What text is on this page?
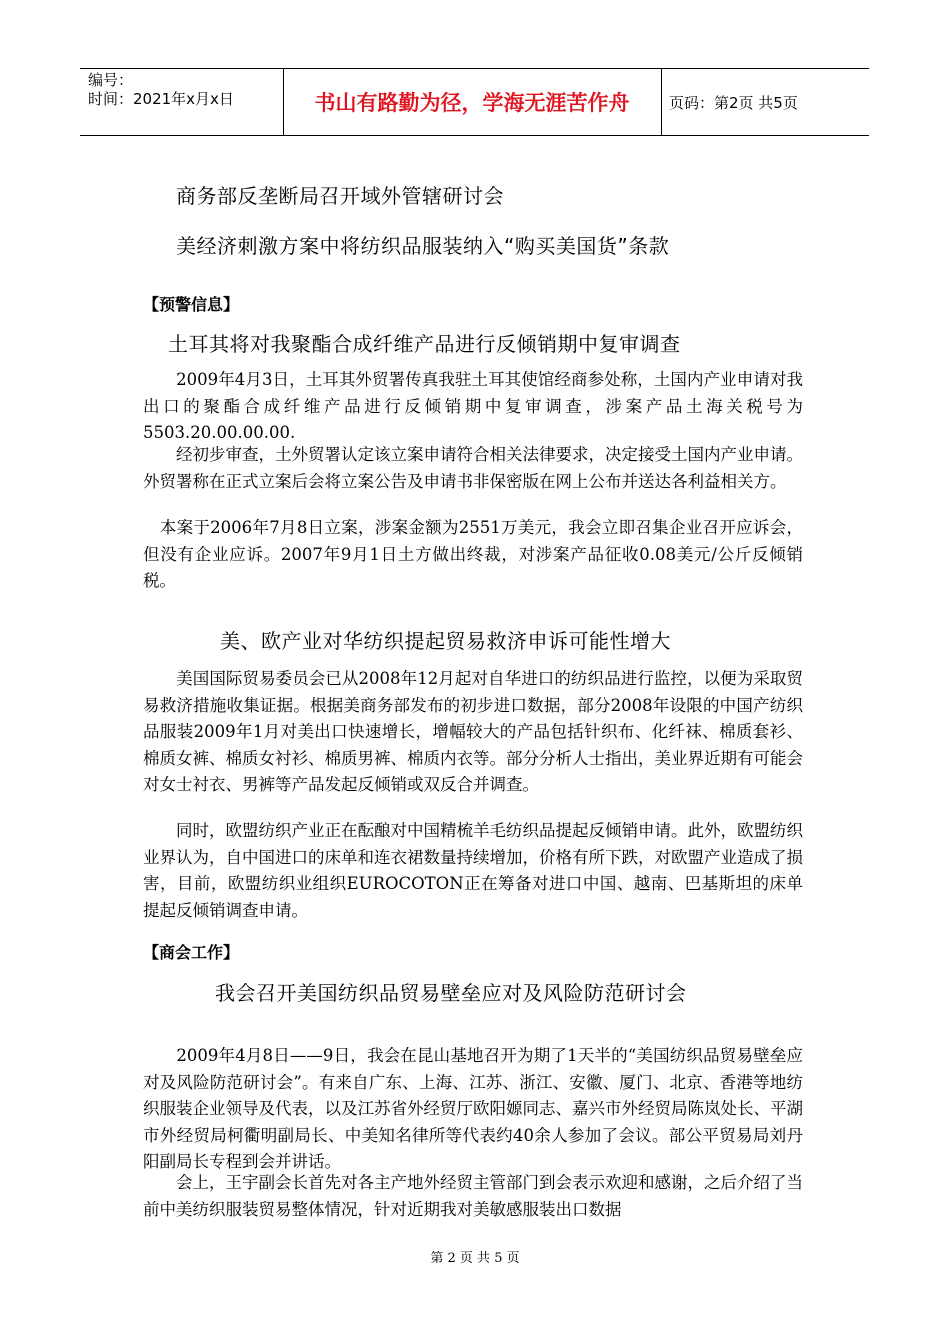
编号：
时间：2021年x月x日	书山有路勤为径，学海无涯苦作舟	页码：第2页 共5页
商务部反垄断局召开域外管辖研讨会
美经济刺激方案中将纺织品服装纳入“购买美国货”条款
【预警信息】
土耳其将对我聚酯合成纤维产品进行反倾销期中复审调查
　　2009年4月3日，土耳其外贸署传真我驻土耳其使馆经商参处称，土国内产业申请对我出口的聚酯合成纤维产品进行反倾销期中复审调查，涉案产品土海关税号为5503.20.00.00.00.
　　经初步审查，土外贸署认定该立案申请符合相关法律要求，决定接受土国内产业申请。外贸署称在正式立案后会将立案公告及申请书非保密版在网上公布并送达各利益相关方。
　本案于2006年7月8日立案，涉案金额为2551万美元，我会立即召集企业召开应诉会，但没有企业应诉。2007年9月1日土方做出终裁，对涉案产品征收0.08美元/公斤反倾销税。
美、欧产业对华纺织提起贸易救济申诉可能性增大
　　美国国际贸易委员会已从2008年12月起对自华进口的纺织品进行监控，以便为采取贸易救济措施收集证据。根据美商务部发布的初步进口数据，部分2008年设限的中国产纺织品服装2009年1月对美出口快速增长，增幅较大的产品包括针织布、化纤袜、棉质套衫、棉质女裤、棉质女衬衫、棉质男裤、棉质内衣等。部分分析人士指出，美业界近期有可能会对女士衬衣、男裤等产品发起反倾销或双反合并调查。
　　同时，欧盟纺织产业正在酝酿对中国精梳羊毛纺织品提起反倾销申请。此外，欧盟纺织业界认为，自中国进口的床单和连衣裙数量持续增加，价格有所下跌，对欧盟产业造成了损害，目前，欧盟纺织业组织EUROCOTON正在筹备对进口中国、越南、巴基斯坦的床单提起反倾销调查申请。
【商会工作】
我会召开美国纺织品贸易壁垒应对及风险防范研讨会
　　2009年4月8日——9日，我会在昆山基地召开为期了1天半的“美国纺织品贸易壁垒应对及风险防范研讨会”。有来自广东、上海、江苏、浙江、安徽、厦门、北京、香港等地纺织服装企业领导及代表，以及江苏省外经贸厅欧阳嫄同志、嘉兴市外经贸局陈岚处长、平湖市外经贸局柯衢明副局长、中美知名律所等代表约40余人参加了会议。部公平贸易局刘丹阳副局长专程到会并讲话。
　　会上，王宇副会长首先对各主产地外经贸主管部门到会表示欢迎和感谢，之后介绍了当前中美纺织服装贸易整体情况，针对近期我对美敏感服装出口数据
第 2 页 共 5 页
